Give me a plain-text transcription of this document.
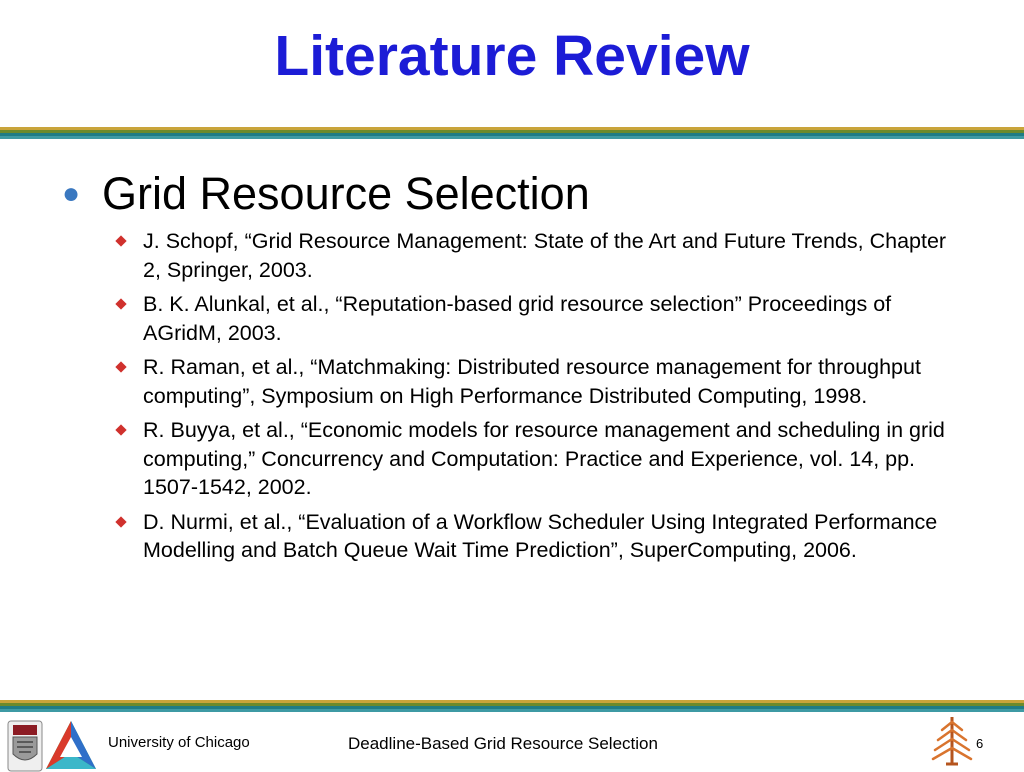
Literature Review
● Grid Resource Selection
J. Schopf, “Grid Resource Management: State of the Art and Future Trends, Chapter 2, Springer, 2003.
B. K. Alunkal, et al., “Reputation-based grid resource selection” Proceedings of AGridM, 2003.
R. Raman, et al., “Matchmaking: Distributed resource management for throughput computing”, Symposium on High Performance Distributed Computing, 1998.
R. Buyya, et al., “Economic models for resource management and scheduling in grid computing,” Concurrency and Computation: Practice and Experience, vol. 14, pp. 1507-1542, 2002.
D. Nurmi, et al., “Evaluation of a Workflow Scheduler Using Integrated Performance Modelling and Batch Queue Wait Time Prediction”, SuperComputing, 2006.
University of Chicago	Deadline-Based Grid Resource Selection	6
